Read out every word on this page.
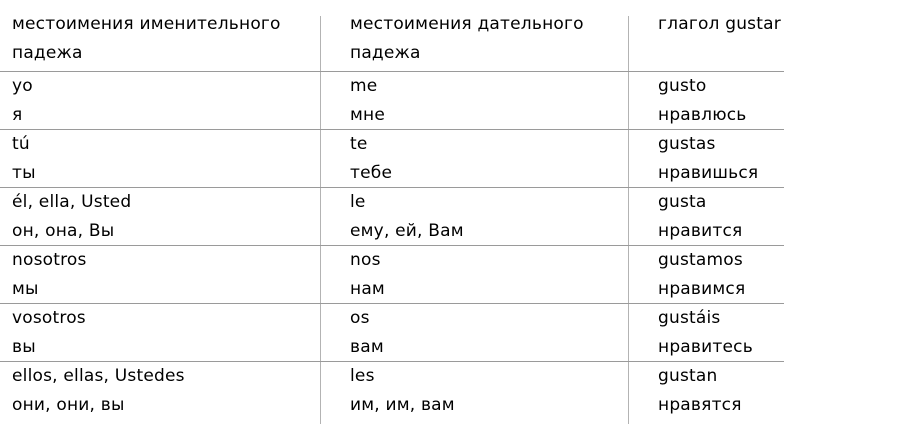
местоимения именительного падежа
местоимения дательного падежа
глагол gustar
yo
я
me
мне
gusto
нравлюсь
tú
ты
te
тебе
gustas
нравишься
él, ella, Usted
он, она, Вы
le
ему, ей, Вам
gusta
нравится
nosotros
мы
nos
нам
gustamos
нравимся
vosotros
вы
os
вам
gustáis
нравитесь
ellos, ellas, Ustedes
они, они, вы
les
им, им, вам
gustan
нравятся
